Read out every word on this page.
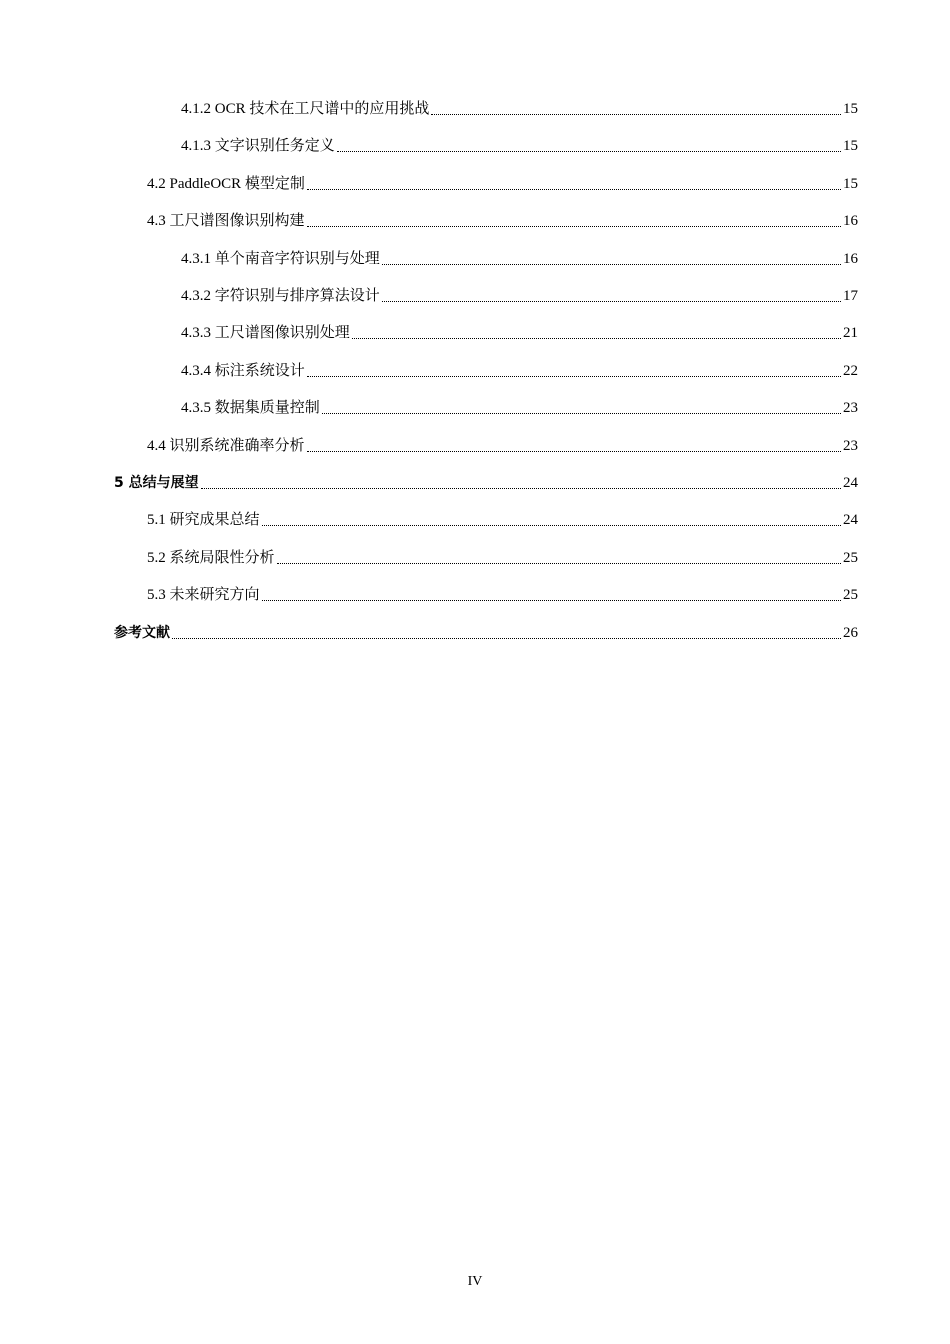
4.1.2 OCR 技术在工尺谱中的应用挑战	15
4.1.3 文字识别任务定义	15
4.2 PaddleOCR 模型定制	15
4.3 工尺谱图像识别构建	16
4.3.1 单个南音字符识别与处理	16
4.3.2 字符识别与排序算法设计	17
4.3.3 工尺谱图像识别处理	21
4.3.4 标注系统设计	22
4.3.5 数据集质量控制	23
4.4 识别系统准确率分析	23
5 总结与展望	24
5.1 研究成果总结	24
5.2 系统局限性分析	25
5.3 未来研究方向	25
参考文献	26
IV
